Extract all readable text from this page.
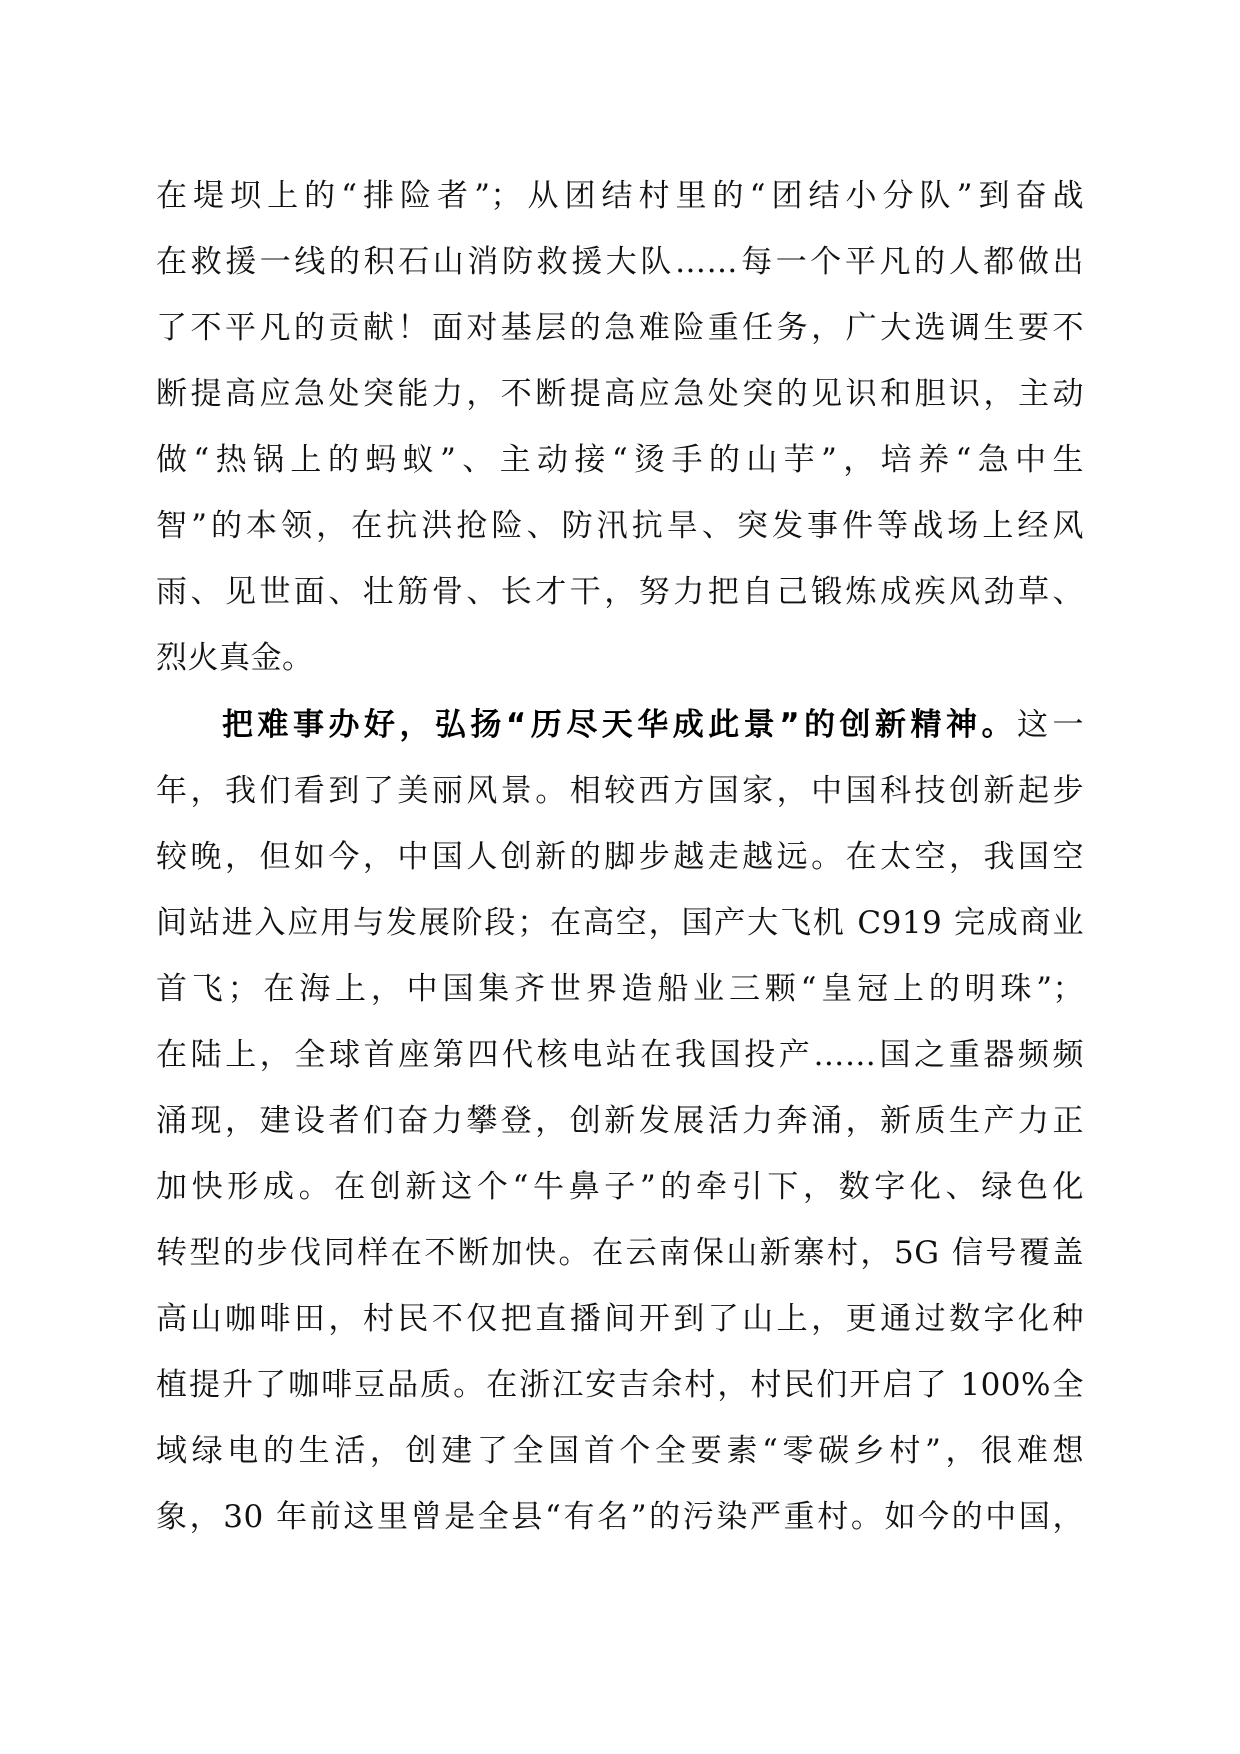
在堤坝上的“排险者”；从团结村里的“团结小分队”到奋战
在救援一线的积石山消防救援大队……每一个平凡的人都做出
了不平凡的贡献！面对基层的急难险重任务，广大选调生要不
断提高应急处突能力，不断提高应急处突的见识和胆识，主动
做“热锅上的蚂蚁”、主动接“烫手的山芋”，培养“急中生
智”的本领，在抗洪抢险、防汛抗旱、突发事件等战场上经风
雨、见世面、壮筋骨、长才干，努力把自己锻炼成疾风劲草、
烈火真金。
把难事办好，弘扬“历尽天华成此景”的创新精神。这一
年，我们看到了美丽风景。相较西方国家，中国科技创新起步
较晚，但如今，中国人创新的脚步越走越远。在太空，我国空
间站进入应用与发展阶段；在高空，国产大飞机 C919 完成商业
首飞；在海上，中国集齐世界造船业三颗“皇冠上的明珠”；
在陆上，全球首座第四代核电站在我国投产……国之重器频频
涌现，建设者们奋力攀登，创新发展活力奔涌，新质生产力正
加快形成。在创新这个“牛鼻子”的牵引下，数字化、绿色化
转型的步伐同样在不断加快。在云南保山新寨村，5G 信号覆盖
高山咖啡田，村民不仅把直播间开到了山上，更通过数字化种
植提升了咖啡豆品质。在浙江安吉余村，村民们开启了 100%全
域绿电的生活，创建了全国首个全要素“零碳乡村”，很难想
象，30 年前这里曾是全县“有名”的污染严重村。如今的中国，
